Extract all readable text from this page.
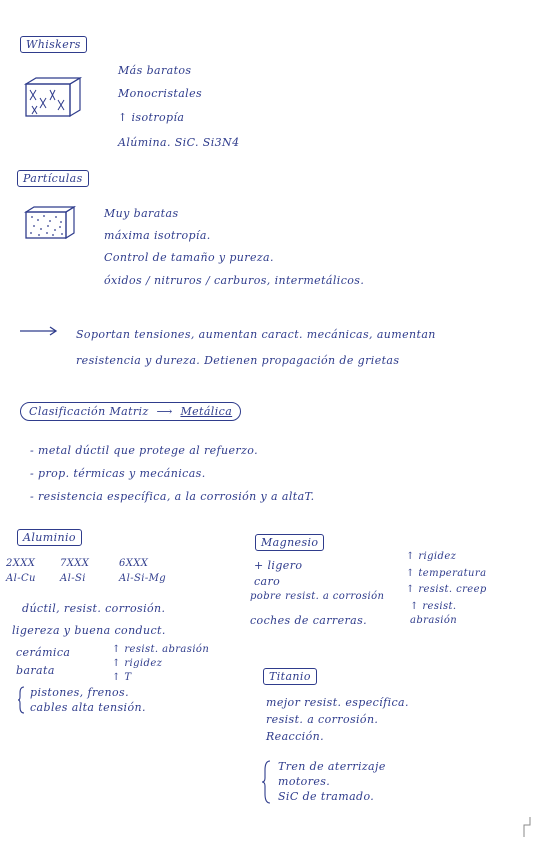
Whiskers
Más baratos
Monocristales
↑ isotropía
Alúmina. SiC. Si3N4
Partículas
Muy baratas
máxima isotropía.
Control de tamaño y pureza.
óxidos / nitruros / carburos, intermetálicos.
Soportan tensiones, aumentan caract. mecánicas, aumentan
resistencia y dureza. Detienen propagación de grietas
Clasificación Matriz  ⟶  Metálica
- metal dúctil que protege al refuerzo.
- prop. térmicas y mecánicas.
- resistencia específica, a la corrosión y a altaT.
Aluminio
2XXX 7XXX	6XXX
Al-Cu Al-Si	Al-Si-Mg
dúctil, resist. corrosión.
ligereza y buena conduct.
cerámica	↑ resist. abrasión
barata
↑ rigidez
↑ T
pistones, frenos.
cables alta tensión.
Magnesio
+ ligero
caro
pobre resist. a corrosión
coches de carreras.
↑ rigidez
↑ temperatura
↑ resist. creep
↑ resist. abrasión
Titanio
mejor resist. específica.
resist. a corrosión.
Reacción.
Tren de aterrizaje
motores.
SiC de tramado.
